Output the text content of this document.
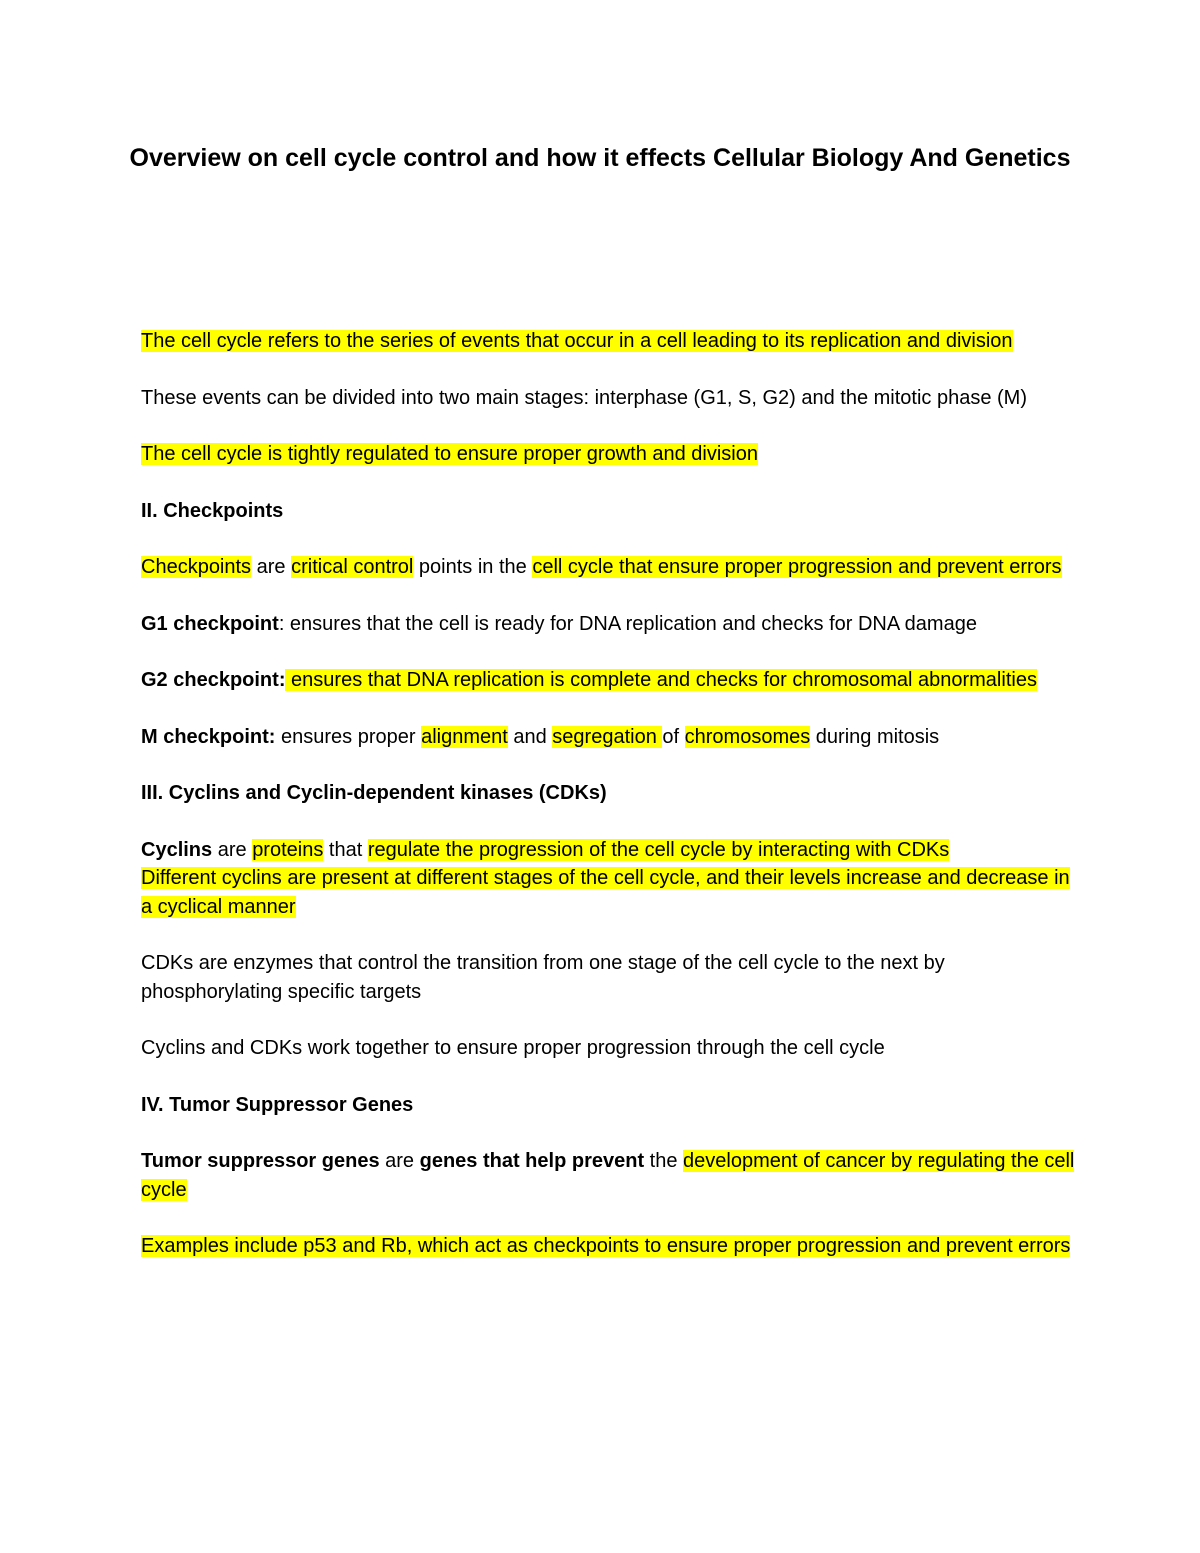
Overview on cell cycle control and how it effects Cellular Biology And Genetics

The cell cycle refers to the series of events that occur in a cell leading to its replication and division

These events can be divided into two main stages: interphase (G1, S, G2) and the mitotic phase (M)

The cell cycle is tightly regulated to ensure proper growth and division

II. Checkpoints

Checkpoints are critical control points in the cell cycle that ensure proper progression and prevent errors

G1 checkpoint: ensures that the cell is ready for DNA replication and checks for DNA damage

G2 checkpoint: ensures that DNA replication is complete and checks for chromosomal abnormalities

M checkpoint: ensures proper alignment and segregation of chromosomes during mitosis

III. Cyclins and Cyclin-dependent kinases (CDKs)

Cyclins are proteins that regulate the progression of the cell cycle by interacting with CDKs

Different cyclins are present at different stages of the cell cycle, and their levels increase and decrease in a cyclical manner

CDKs are enzymes that control the transition from one stage of the cell cycle to the next by phosphorylating specific targets

Cyclins and CDKs work together to ensure proper progression through the cell cycle

IV. Tumor Suppressor Genes

Tumor suppressor genes are genes that help prevent the development of cancer by regulating the cell cycle

Examples include p53 and Rb, which act as checkpoints to ensure proper progression and prevent errors
